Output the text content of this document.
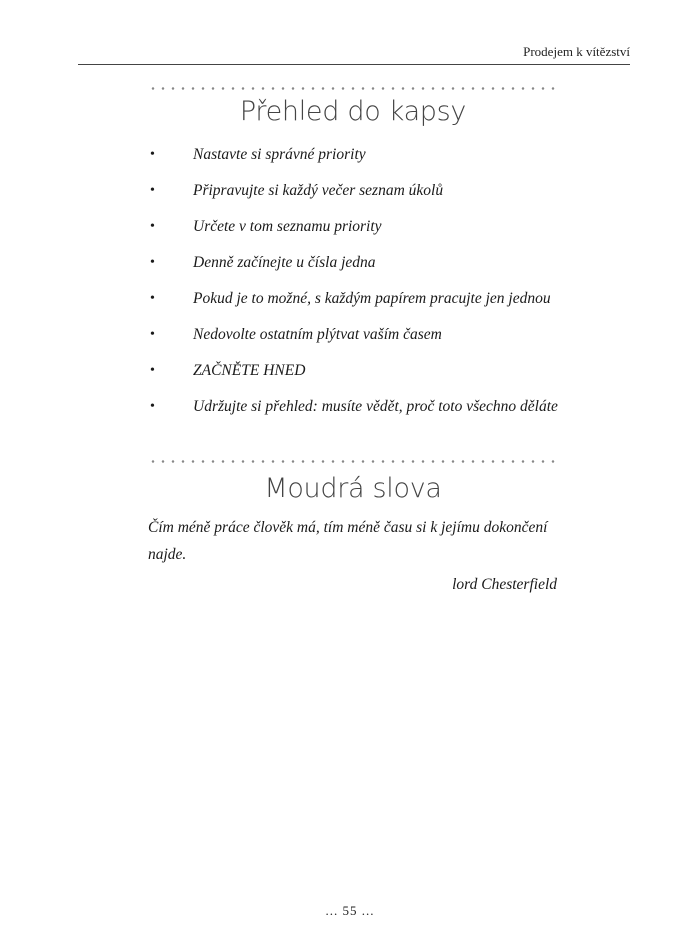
Prodejem k vítězství
Přehled do kapsy
• Nastavte si správné priority
• Připravujte si každý večer seznam úkolů
• Určete v tom seznamu priority
• Denně začínejte u čísla jedna
• Pokud je to možné, s každým papírem pracujte jen jednou
• Nedovolte ostatním plýtvat vaším časem
• ZAČNĚTE HNED
• Udržujte si přehled: musíte vědět, proč toto všechno děláte
Moudrá slova

Čím méně práce člověk má, tím méně času si k jejímu dokončení najde.

lord Chesterfield
... 55 ...
